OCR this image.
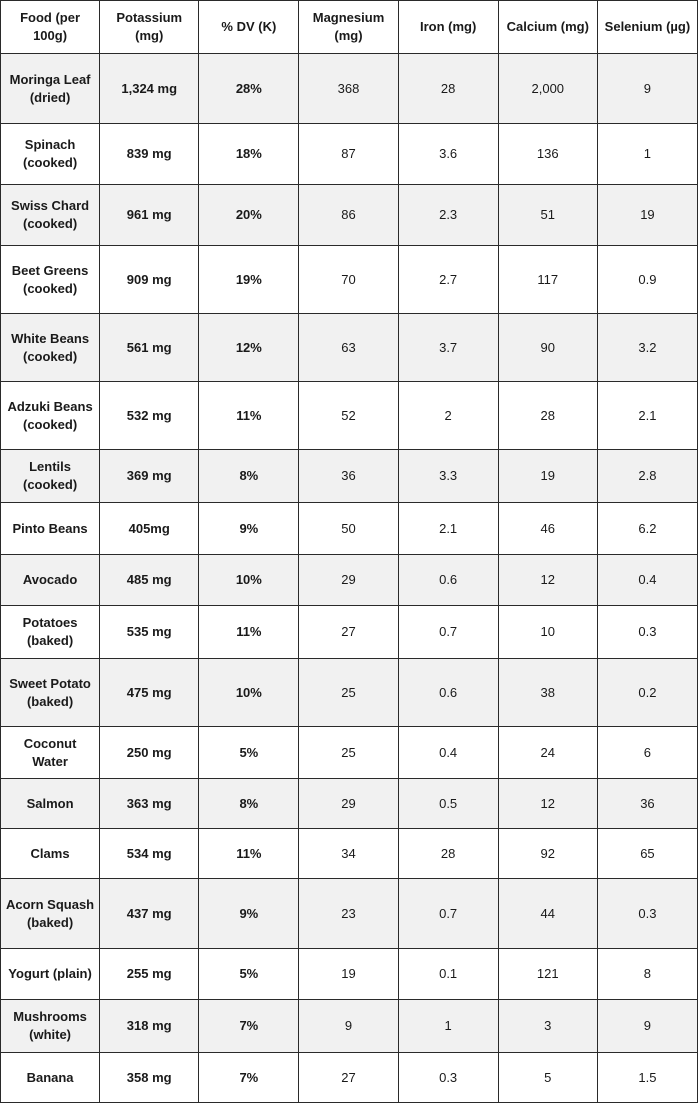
Food (per 100g)	Potassium (mg)	% DV (K)	Magnesium (mg)	Iron (mg)	Calcium (mg)	Selenium (µg)
Moringa Leaf (dried)	1,324 mg	28%	368	28	2,000	9
Spinach (cooked)	839 mg	18%	87	3.6	136	1
Swiss Chard (cooked)	961 mg	20%	86	2.3	51	19
Beet Greens (cooked)	909 mg	19%	70	2.7	117	0.9
White Beans (cooked)	561 mg	12%	63	3.7	90	3.2
Adzuki Beans (cooked)	532 mg	11%	52	2	28	2.1
Lentils (cooked)	369 mg	8%	36	3.3	19	2.8
Pinto Beans	405mg	9%	50	2.1	46	6.2
Avocado	485 mg	10%	29	0.6	12	0.4
Potatoes (baked)	535 mg	11%	27	0.7	10	0.3
Sweet Potato (baked)	475 mg	10%	25	0.6	38	0.2
Coconut Water	250 mg	5%	25	0.4	24	6
Salmon	363 mg	8%	29	0.5	12	36
Clams	534 mg	11%	34	28	92	65
Acorn Squash (baked)	437 mg	9%	23	0.7	44	0.3
Yogurt (plain)	255 mg	5%	19	0.1	121	8
Mushrooms (white)	318 mg	7%	9	1	3	9
Banana	358 mg	7%	27	0.3	5	1.5
